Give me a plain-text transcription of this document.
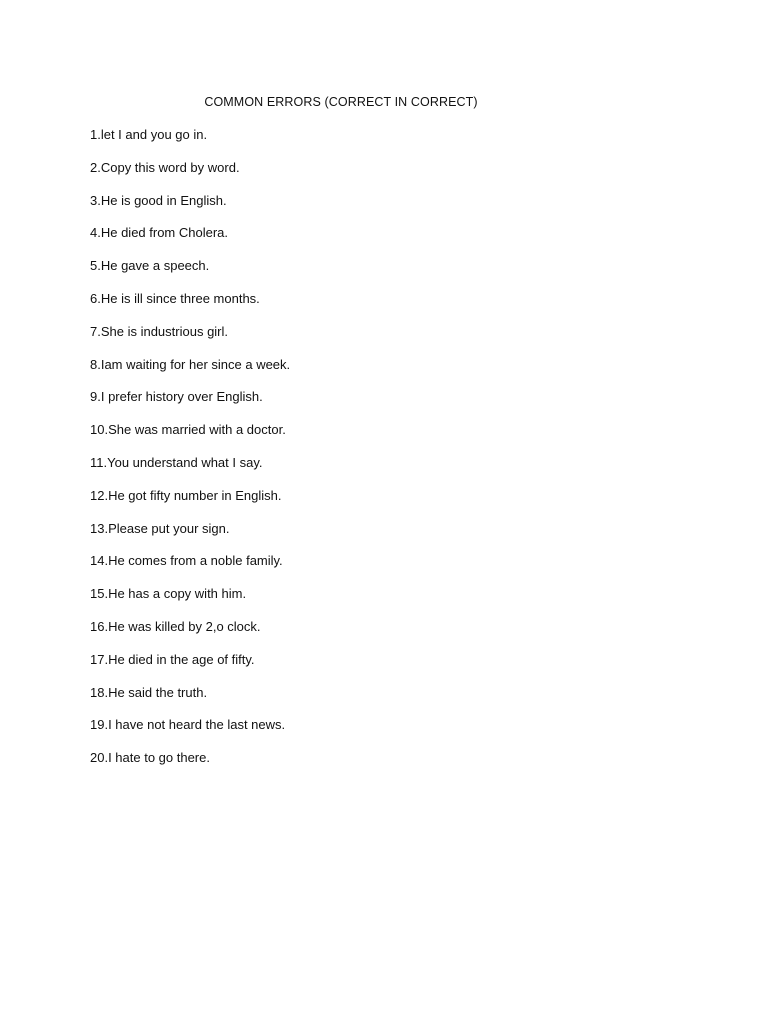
COMMON ERRORS (CORRECT IN CORRECT)
1.let I and you go in.
2.Copy this word by word.
3.He is good in English.
4.He died from Cholera.
5.He gave a speech.
6.He is ill since three months.
7.She is industrious girl.
8.Iam waiting for her since a week.
9.I prefer history over English.
10.She was married with a doctor.
11.You understand what I say.
12.He got fifty number in English.
13.Please put your sign.
14.He comes from a noble family.
15.He has a copy with him.
16.He was killed by 2,o clock.
17.He died in the age of fifty.
18.He said the truth.
19.I have not heard the last news.
20.I hate to go there.
